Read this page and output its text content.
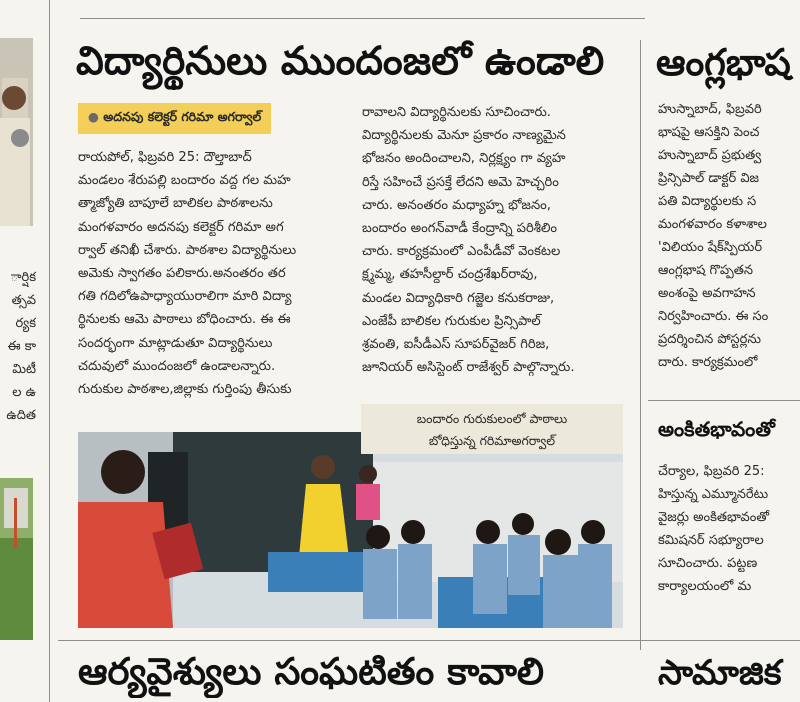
ార్షిక

త్సవ

ర్యక

ఈ కా

మిటీ

ల ఉ

ఉదిత

విద్యార్థినులు ముందంజలో ఉండాలి
● అదనపు కలెక్టర్ గరిమా అగర్వాల్

రాయపోల్, ఫిబ్రవరి 25: దౌల్తాబాద్

మండలం శేరుపల్లి బందారం వద్ద గల మహ

త్మాజ్యోతి బాపూలే బాలికల పాఠశాలను

మంగళవారం అదనపు కలెక్టర్ గరిమా అగ

ర్వాల్ తనిఖీ చేశారు. పాఠశాల విద్యార్థినులు

అమెకు స్వాగతం పలికారు.అనంతరం తర

గతి గదిలోఉపాధ్యాయురాలిగా మారి విద్యా

ర్థినులకు ఆమె పాఠాలు బోధించారు. ఈ ఈ

సందర్భంగా మాట్లాడుతూ విద్యార్థినులు

చదువులో ముందంజలో ఉండాలన్నారు.

గురుకుల పాఠశాల,జిల్లాకు గుర్తింపు తీసుకు

రావాలని విద్యార్థినులకు సూచించారు.

విద్యార్థినులకు మెనూ ప్రకారం నాణ్యమైన

భోజనం అందించాలని, నిర్లక్ష్యం గా వ్యహ

రిస్తే సహించే ప్రసక్తే లేదని అమె హెచ్చరిం

చారు. అనంతరం మధ్యాహ్న భోజనం,

బందారం అంగన్‌వాడీ కేంద్రాన్ని పరిశీలిం

చారు. కార్యక్రమంలో ఎంపీడీవో వెంకటల

క్ష్మమ్మ, తహసీల్దార్ చంద్రశేఖర్‌రావు,

మండల విద్యాధికారి గజ్జెల కనుకరాజు,

ఎంజేపీ బాలికల గురుకుల ప్రిన్సిపాల్

శ్రవంతి, ఐసీడీఎస్ సూపర్‌వైజర్ గిరిజ,

జూనియర్ అసిస్టెంట్ రాజేశ్వర్ పాల్గొన్నారు.

బందారం గురుకులంలో పాఠాలు
బోధిస్తున్న గరిమాఅగర్వాల్
ఆర్యవైశ్యులు సంఘటితం కావాలి
ఆంగ్లభాష

హుస్నాబాద్, ఫిబ్రవరి

భాషపై ఆసక్తిని పెంచ

హుస్నాబాద్ ప్రభుత్వ

ప్రిన్సిపాల్ డాక్టర్ విజ

పతి విద్యార్థులకు స

మంగళవారం కళాశాల

'విలియం షేక్‌స్పియర్

ఆంగ్లభాష గొప్పతన

అంశంపై అవగాహన

నిర్వహించారు. ఈ సం

ప్రదర్శించిన పోస్టర్లను

దారు. కార్యక్రమంలో

అంకితభావంతో

చేర్యాల, ఫిబ్రవరి 25:

హిస్తున్న ఎమ్మూనరేటు

వైజర్లు అంకితభావంతో

కమిషనర్ సభ్యూరాల

సూచించారు. పట్టణ

కార్యాలయంలో మ

సామాజిక
